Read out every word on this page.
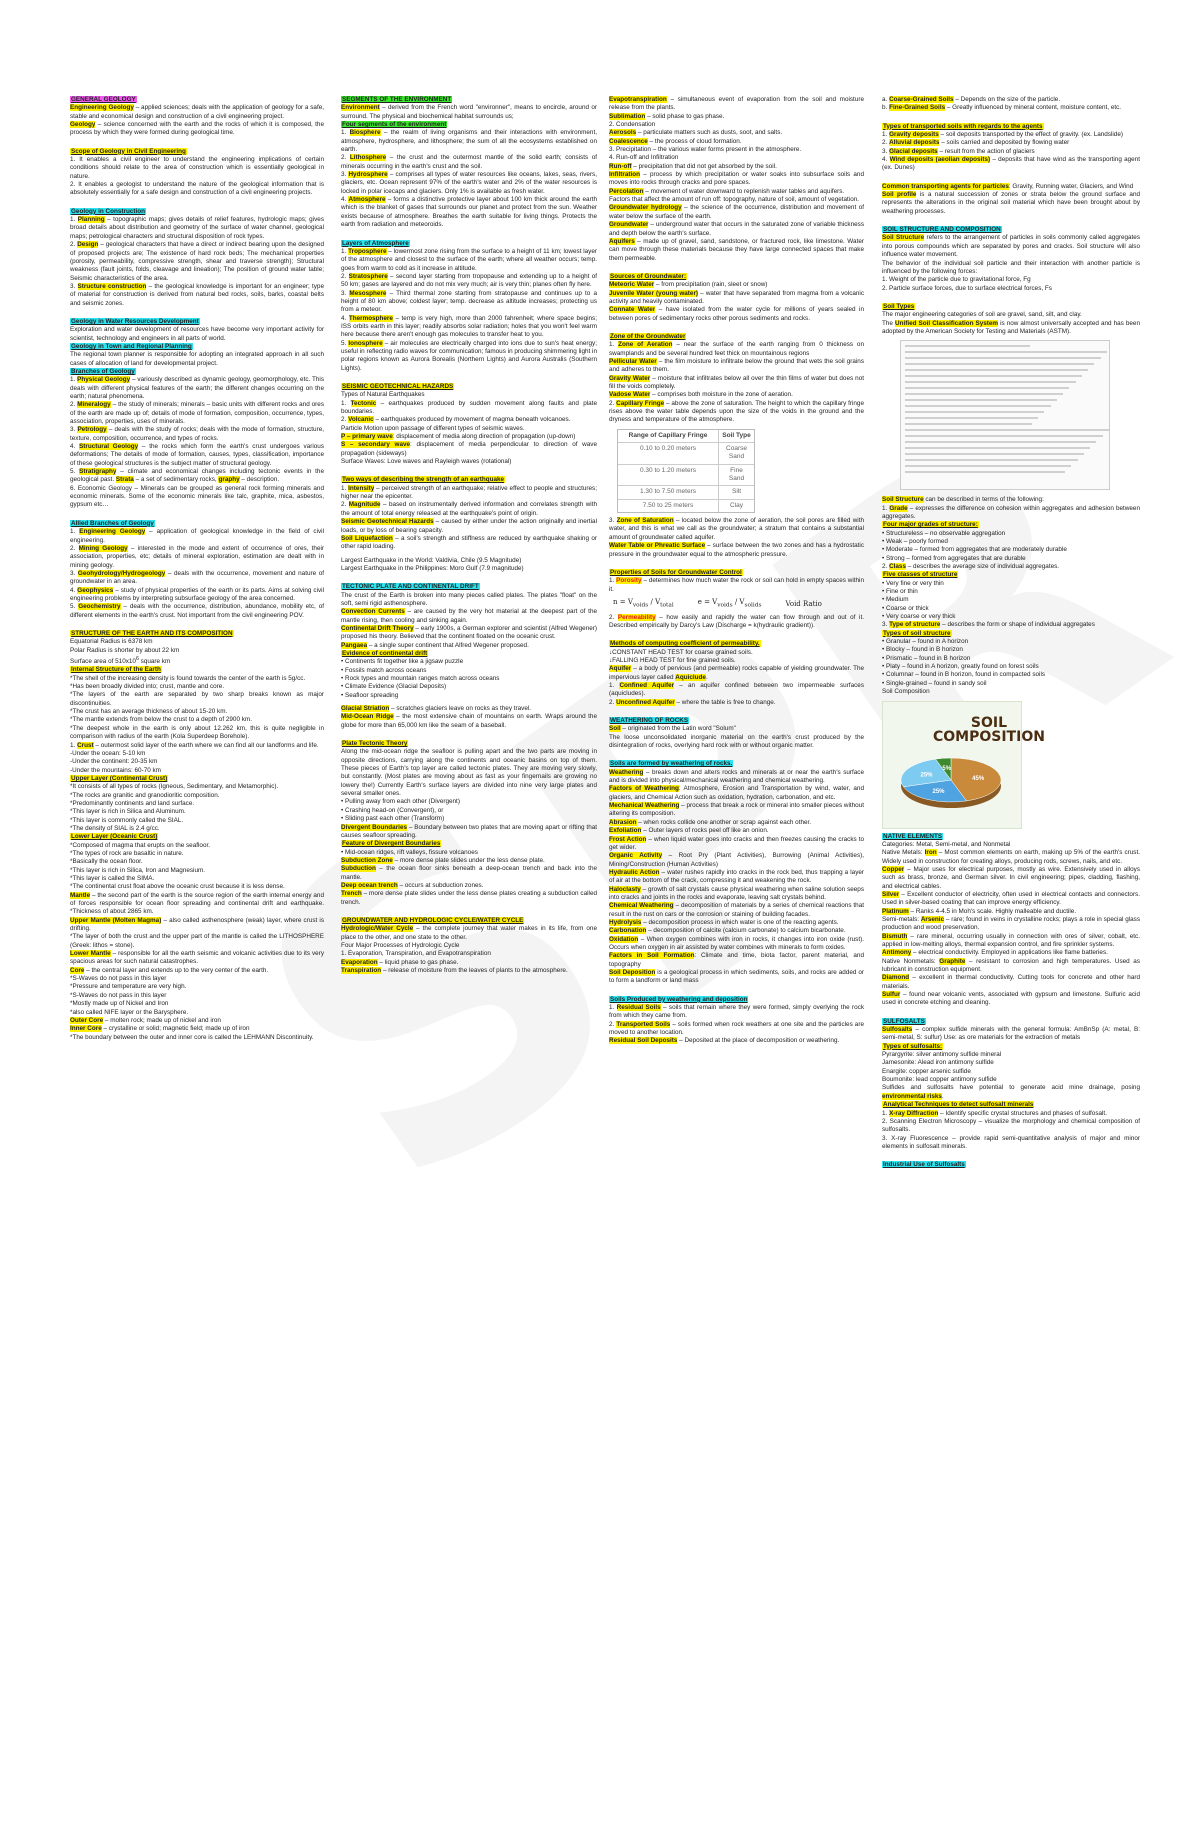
GENERAL GEOLOGY

Engineering Geology – applied sciences; deals with the application of geology for a safe, stable and economical design and construction of a civil engineering project.

Geology – science concerned with the earth and the rocks of which it is composed, the process by which they were formed during geological time.

Scope of Geology in Civil Engineering

1. It enables a civil engineer to understand the engineering implications of certain conditions should relate to the area of construction which is essentially geological in nature.

2. It enables a geologist to understand the nature of the geological information that is absolutely essentially for a safe design and construction of a civil engineering projects.

Geology in Construction

1. Planning – topographic maps; gives details of relief features, hydrologic maps; gives broad details about distribution and geometry of the surface of water channel, geological maps; petrological characters and structural disposition of rock types.

2. Design – geological characters that have a direct or indirect bearing upon the designed of proposed projects are; The existence of hard rock beds; The mechanical properties (porosity, permeability, compressive strength, shear and traverse strength); Structural weakness (fault joints, folds, cleavage and lineation); The position of ground water table; Seismic characteristics of the area.

3. Structure construction – the geological knowledge is important for an engineer; type of material for construction is derived from natural bed rocks, soils, barks, coastal belts and seismic zones.

Geology in Water Resources Development

Exploration and water development of resources have become very important activity for scientist, technology and engineers in all parts of world.

Geology in Town and Regional Planning

The regional town planner is responsible for adopting an integrated approach in all such cases of allocation of land for developmental project.

Branches of Geology

1. Physical Geology – variously described as dynamic geology, geomorphology, etc. This deals with different physical features of the earth; the different changes occurring on the earth; natural phenomena.

2. Mineralogy – the study of minerals; minerals – basic units with different rocks and ores of the earth are made up of; details of mode of formation, composition, occurrence, types, association, properties, uses of minerals.

3. Petrology – deals with the study of rocks; deals with the mode of formation, structure, texture, composition, occurrence, and types of rocks.

4. Structural Geology – the rocks which form the earth's crust undergoes various deformations; The details of mode of formation, causes, types, classification, importance of these geological structures is the subject matter of structural geology.

5. Stratigraphy – climate and economical changes including tectonic events in the geological past. Strata – a set of sedimentary rocks, graphy – description.

6. Economic Geology – Minerals can be grouped as general rock forming minerals and economic minerals. Some of the economic minerals like talc, graphite, mica, asbestos, gypsum etc…

Allied Branches of Geology

1. Engineering Geology – application of geological knowledge in the field of civil engineering.

2. Mining Geology – interested in the mode and extent of occurrence of ores, their association, properties, etc; details of mineral exploration, estimation are dealt with in mining geology.

3. Geohydrology/Hydrogeology – deals with the occurrence, movement and nature of groundwater in an area.

4. Geophysics – study of physical properties of the earth or its parts. Aims at solving civil engineering problems by interpreting subsurface geology of the area concerned.

5. Geochemistry – deals with the occurrence, distribution, abundance, mobility etc, of different elements in the earth's crust. Not important from the civil engineering POV.

STRUCTURE OF THE EARTH AND ITS COMPOSITION

Equatorial Radius is 6378 km

Polar Radius is shorter by about 22 km

Surface area of $510x10^6$ square km

Internal Structure of the Earth

*The shell of the increasing density is found towards the center of the earth is 5g/cc.

*Has been broadly divided into; crust, mantle and core.

*The layers of the earth are separated by two sharp breaks known as major discontinuities.

*The crust has an average thickness of about 15-20 km.

*The mantle extends from below the crust to a depth of 2900 km.

*The deepest whole in the earth is only about 12.262 km, this is quite negligible in comparison with radius of the earth (Kola Superdeep Borehole).

1. Crust – outermost solid layer of the earth where we can find all our landforms and life.

-Under the ocean: 5-10 km

-Under the continent: 20-35 km

-Under the mountains: 60-70 km

Upper Layer (Continental Crust)

*It consists of all types of rocks (Igneous, Sedimentary, and Metamorphic).

*The rocks are granitic and granodioritic composition.

*Predominantly continents and land surface.

*This layer is rich in Silica and Aluminum.

*This layer is commonly called the SIAL.

*The density of SIAL is 2.4 g/cc.

Lower Layer (Oceanic Crust)

*Composed of magma that erupts on the seafloor.

*The types of rock are basaltic in nature.

*Basically the ocean floor.

*This layer is rich in Silica, Iron and Magnesium.

*This layer is called the SIMA.

*The continental crust float above the oceanic crust because it is less dense.

Mantle – the second part of the earth is the source region of the earth internal energy and of forces responsible for ocean floor spreading and continental drift and earthquake. *Thickness of about 2865 km.

Upper Mantle (Molten Magma) – also called asthenosphere (weak) layer, where crust is drifting.

*The layer of both the crust and the upper part of the mantle is called the LITHOSPHERE (Greek: lithos = stone).

Lower Mantle – responsible for all the earth seismic and volcanic activities due to its very spacious areas for such natural catastrophes.

Core – the central layer and extends up to the very center of the earth.

*S-Waves do not pass in this layer

*Pressure and temperature are very high.

*S-Waves do not pass in this layer

*Mostly made up of Nickel and Iron

*also called NIFE layer or the Barysphere.

Outer Core – molten rock; made up of nickel and iron

Inner Core – crystalline or solid; magnetic field; made up of iron

*The boundary between the outer and inner core is called the LEHMANN Discontinuity.

SEGMENTS OF THE ENVIRONMENT

Environment – derived from the French word "environner", means to encircle, around or surround. The physical and biochemical habitat surrounds us;

Four segments of the environment

1. Biosphere – the realm of living organisms and their interactions with environment, atmosphere, hydrosphere, and lithosphere; the sum of all the ecosystems established on earth.

2. Lithosphere – the crust and the outermost mantle of the solid earth; consists of minerals occurring in the earth's crust and the soil.

3. Hydrosphere – comprises all types of water resources like oceans, lakes, seas, rivers, glaciers, etc. Ocean represent 97% of the earth's water and 2% of the water resources is locked in polar icecaps and glaciers. Only 1% is available as fresh water.

4. Atmosphere – forms a distinctive protective layer about 100 km thick around the earth which is the blanket of gases that surrounds our planet and protect from the sun. Weather exists because of atmosphere. Breathes the earth suitable for living things. Protects the earth from radiation and meteoroids.

Layers of Atmosphere

1. Troposphere – lowermost zone rising from the surface to a height of 11 km; lowest layer of the atmosphere and closest to the surface of the earth; where all weather occurs; temp. goes from warm to cold as it increase in altitude.

2. Stratosphere – second layer starting from tropopause and extending up to a height of 50 km; gases are layered and do not mix very much; air is very thin; planes often fly here.

3. Mesosphere – Third thermal zone starting from stratopause and continues up to a height of 80 km above; coldest layer; temp. decrease as altitude increases; protecting us from a meteor.

4. Thermosphere – temp is very high, more than 2000 fahrenheit; where space begins; ISS orbits earth in this layer; readily absorbs solar radiation; holes that you won't feel warm here because there aren't enough gas molecules to transfer heat to you.

5. Ionosphere – air molecules are electrically charged into ions due to sun's heat energy; useful in reflecting radio waves for communication; famous in producing shimmering light in polar regions known as Aurora Borealis (Northern Lights) and Aurora Australis (Southern Lights).

SEISMIC GEOTECHNICAL HAZARDS

Types of Natural Earthquakes

1. Tectonic – earthquakes produced by sudden movement along faults and plate boundaries.

2. Volcanic – earthquakes produced by movement of magma beneath volcanoes.

Particle Motion upon passage of different types of seismic waves.

P – primary wave: displacement of media along direction of propagation (up-down)

S – secondary wave: displacement of media perpendicular to direction of wave propagation (sideways)

Surface Waves: Love waves and Rayleigh waves (rotational)

Two ways of describing the strength of an earthquake

1. Intensity – perceived strength of an earthquake; relative effect to people and structures; higher near the epicenter.

2. Magnitude – based on instrumentally derived information and correlates strength with the amount of total energy released at the earthquake's point of origin.

Seismic Geotechnical Hazards – caused by either under the action originally and inertial loads, or by loss of bearing capacity.

Soil Liquefaction – a soil's strength and stiffness are reduced by earthquake shaking or other rapid loading.

Largest Earthquake in the World: Valdivia, Chile (9.5 Magnitude)

Largest Earthquake in the Philippines: Moro Gulf (7.9 magnitude)

TECTONIC PLATE AND CONTINENTAL DRIFT

The crust of the Earth is broken into many pieces called plates. The plates "float" on the soft, semi rigid asthenosphere.

Convection Currents – are caused by the very hot material at the deepest part of the mantle rising, then cooling and sinking again.

Continental Drift Theory – early 1900s, a German explorer and scientist (Alfred Wegener) proposed his theory. Believed that the continent floated on the oceanic crust.

Pangaea – a single super continent that Alfred Wegener proposed.

Evidence of continental drift

• Continents fit together like a jigsaw puzzle

• Fossils match across oceans

• Rock types and mountain ranges match across oceans

• Climate Evidence (Glacial Deposits)

• Seafloor spreading

Glacial Striation – scratches glaciers leave on rocks as they travel.

Mid-Ocean Ridge – the most extensive chain of mountains on earth. Wraps around the globe for more than 65,000 km like the seam of a baseball.

Plate Tectonic Theory

Along the mid-ocean ridge the seafloor is pulling apart and the two parts are moving in opposite directions, carrying along the continents and oceanic basins on top of them. These pieces of Earth's top layer are called tectonic plates. They are moving very slowly, but constantly. (Most plates are moving about as fast as your fingernails are growing no lowery the!) Currently Earth's surface layers are divided into nine very large plates and several smaller ones.

• Pulling away from each other (Divergent)

• Crashing head-on (Convergent), or

• Sliding past each other (Transform)

Divergent Boundaries – Boundary between two plates that are moving apart or rifting that causes seafloor spreading.

Feature of Divergent Boundaries

• Mid-ocean ridges, rift valleys, fissure volcanoes

Subduction Zone – more dense plate slides under the less dense plate.

Subduction – the ocean floor sinks beneath a deep-ocean trench and back into the mantle.

Deep ocean trench – occurs at subduction zones.

Trench – more dense plate slides under the less dense plates creating a subduction called trench.

GROUNDWATER AND HYDROLOGIC CYCLE/WATER CYCLE

Hydrologic/Water Cycle – the complete journey that water makes in its life, from one place to the other, and one state to the other.

Four Major Processes of Hydrologic Cycle

1. Evaporation, Transpiration, and Evapotranspiration

Evaporation – liquid phase to gas phase.

Transpiration – release of moisture from the leaves of plants to the atmosphere.

Evapotranspiration – simultaneous event of evaporation from the soil and moisture release from the plants.

Sublimation – solid phase to gas phase.

2. Condensation

Aerosols – particulate matters such as dusts, soot, and salts.

Coalescence – the process of cloud formation.

3. Precipitation – the various water forms present in the atmosphere.

4. Run-off and Infiltration

Run-off – precipitation that did not get absorbed by the soil.

Infiltration – process by which precipitation or water soaks into subsurface soils and moves into rocks through cracks and pore spaces.

Percolation – movement of water downward to replenish water tables and aquifers.

Factors that affect the amount of run off: topography, nature of soil, amount of vegetation.

Groundwater hydrology – the science of the occurrence, distribution and movement of water below the surface of the earth.

Groundwater – underground water that occurs in the saturated zone of variable thickness and depth below the earth's surface.

Aquifers – made up of gravel, sand, sandstone, or fractured rock, like limestone. Water can move through these materials because they have large connected spaces that make them permeable.

Sources of Groundwater:

Meteoric Water – from precipitation (rain, sleet or snow)

Juvenile Water (young water) – water that have separated from magma from a volcanic activity and heavily contaminated.

Connate Water – have isolated from the water cycle for millions of years sealed in between pores of sedimentary rocks other porous sediments and rocks.

Zone of the Groundwater

1. Zone of Aeration – near the surface of the earth ranging from 0 thickness on swamplands and be several hundred feet thick on mountainous regions

Pellicular Water – the film moisture to infiltrate below the ground that wets the soil grains and adheres to them.

Gravity Water – moisture that infiltrates below all over the thin films of water but does not fill the voids completely.

Vadose Water – comprises both moisture in the zone of aeration.

2. Capillary Fringe – above the zone of saturation. The height to which the capillary fringe rises above the water table depends upon the size of the voids in the ground and the dryness and temperature of the atmosphere.

Range of Capillary Fringe	Soil Type
0.10 to 0.20 meters	Coarse Sand
0.30 to 1.20 meters	Fine Sand
1.30 to 7.50 meters	Silt
7.50 to 25 meters	Clay

3. Zone of Saturation – located below the zone of aeration, the soil pores are filled with water, and this is what we call as the groundwater; a stratum that contains a substantial amount of groundwater called aquifer.

Water Table or Phreatic Surface – surface between the two zones and has a hydrostatic pressure in the groundwater equal to the atmospheric pressure.

Properties of Soils for Groundwater Control

1. Porosity – determines how much water the rock or soil can hold in empty spaces within it.

$n = V_{voids} / V_{total}$	$e = V_{voids} / V_{solids}$	Void Ratio

2. Permeability – how easily and rapidly the water can flow through and out of it. Described empirically by Darcy's Law (Discharge = k(hydraulic gradient)).

Methods of computing coefficient of permeability.

↓CONSTANT HEAD TEST for coarse grained soils.

↓FALLING HEAD TEST for fine grained soils.

Aquifer – a body of pervious (and permeable) rocks capable of yielding groundwater. The impervious layer called Aquiclude.

1. Confined Aquifer – an aquifer confined between two impermeable surfaces (aquicludes).

2. Unconfined Aquifer – where the table is free to change.

WEATHERING OF ROCKS

Soil – originated from the Latin word "Solum"

The loose unconsolidated inorganic material on the earth's crust produced by the disintegration of rocks, overlying hard rock with or without organic matter.

Soils are formed by weathering of rocks.

Weathering – breaks down and alters rocks and minerals at or near the earth's surface and is divided into physical/mechanical weathering and chemical weathering.

Factors of Weathering: Atmosphere, Erosion and Transportation by wind, water, and glaciers, and Chemical Action such as oxidation, hydration, carbonation, and etc.

Mechanical Weathering – process that break a rock or mineral into smaller pieces without altering its composition.

Abrasion – when rocks collide one another or scrap against each other.

Exfoliation – Outer layers of rocks peel off like an onion.

Frost Action – when liquid water goes into cracks and then freezes causing the cracks to get wider.

Organic Activity – Root Pry (Plant Activities), Burrowing (Animal Activities), Mining/Construction (Human Activities)

Hydraulic Action – water rushes rapidly into cracks in the rock bed, thus trapping a layer of air at the bottom of the crack, compressing it and weakening the rock.

Haloclasty – growth of salt crystals cause physical weathering when saline solution seeps into cracks and joints in the rocks and evaporate, leaving salt crystals behind.

Chemical Weathering – decomposition of materials by a series of chemical reactions that result in the rust on cars or the corrosion or staining of building facades.

Hydrolysis – decomposition process in which water is one of the reacting agents.

Carbonation – decomposition of calcite (calcium carbonate) to calcium bicarbonate.

Oxidation – When oxygen combines with iron in rocks, it changes into iron oxide (rust). Occurs when oxygen in air assisted by water combines with minerals to form oxides.

Factors in Soil Formation: Climate and time, biota factor, parent material, and topography

Soil Deposition is a geological process in which sediments, soils, and rocks are added or to form a landform or land mass

Soils Produced by weathering and deposition

1. Residual Soils – soils that remain where they were formed, simply overlying the rock from which they came from.

2. Transported Soils – soils formed when rock weathers at one site and the particles are moved to another location.

Residual Soil Deposits – Deposited at the place of decomposition or weathering.

a. Coarse-Grained Soils – Depends on the size of the particle.

b. Fine-Grained Soils – Greatly influenced by mineral content, moisture content, etc.

Types of transported soils with regards to the agents

1. Gravity deposits – soil deposits transported by the effect of gravity. (ex. Landslide)

2. Alluvial deposits – soils carried and deposited by flowing water

3. Glacial deposits – result from the action of glaciers

4. Wind deposits (aeolian deposits) – deposits that have wind as the transporting agent (ex. Dunes)

Common transporting agents for particles: Gravity, Running water, Glaciers, and Wind

Soil profile is a natural succession of zones or strata below the ground surface and represents the alterations in the original soil material which have been brought about by weathering processes.

SOIL STRUCTURE AND COMPOSITION

Soil Structure refers to the arrangement of particles in soils commonly called aggregates into porous compounds which are separated by pores and cracks. Soil structure will also influence water movement.

The behavior of the individual soil particle and their interaction with another particle is influenced by the following forces:

1. Weight of the particle due to gravitational force, Fg

2. Particle surface forces, due to surface electrical forces, Fs

Soil Types

The major engineering categories of soil are gravel, sand, silt, and clay.

The Unified Soil Classification System is now almost universally accepted and has been adopted by the American Society for Testing and Materials (ASTM).

Soil Structure can be described in terms of the following:

1. Grade – expresses the difference on cohesion within aggregates and adhesion between aggregates.

Four major grades of structure:

• Structureless – no observable aggregation

• Weak – poorly formed

• Moderate – formed from aggregates that are moderately durable

• Strong – formed from aggregates that are durable

2. Class – describes the average size of individual aggregates.

Five classes of structure

• Very fine or very thin

• Fine or thin

• Medium

• Coarse or thick

• Very coarse or very thick

3. Type of structure – describes the form or shape of individual aggregates

Types of soil structure

• Granular – found in A horizon

• Blocky – found in B horizon

• Prismatic – found in B horizon

• Platy – found in A horizon, greatly found on forest soils

• Columnar – found in B horizon, found in compacted soils

• Single-grained – found in sandy soil

Soil Composition

SOIL COMPOSITION
45%
25%
25%
5%
NATIVE ELEMENTS

Categories: Metal, Semi-metal, and Nonmetal

Native Metals: Iron – Most common elements on earth, making up 5% of the earth's crust. Widely used in construction for creating alloys, producing rods, screws, nails, and etc.

Copper – Major uses for electrical purposes, mostly as wire. Extensively used in alloys such as brass, bronze, and German silver. In civil engineering; pipes, cladding, flashing, and electrical cables.

Silver – Excellent conductor of electricity, often used in electrical contacts and connectors. Used in silver-based coating that can improve energy efficiency.

Platinum – Ranks 4-4.5 in Moh's scale. Highly malleable and ductile.

Semi-metals: Arsenic – rare; found in veins in crystalline rocks; plays a role in special glass production and wood preservation.

Bismuth – rare mineral, occurring usually in connection with ores of silver, cobalt, etc. applied in low-melting alloys, thermal expansion control, and fire sprinkler systems.

Antimony – electrical conductivity. Employed in applications like flame batteries.

Native Nonmetals: Graphite – resistant to corrosion and high temperatures. Used as lubricant in construction equipment.

Diamond – excellent in thermal conductivity. Cutting tools for concrete and other hard materials.

Sulfur – found near volcanic vents, associated with gypsum and limestone. Sulfuric acid used in concrete etching and cleaning.

SULFOSALTS

Sulfosalts – complex sulfide minerals with the general formula: AmBnSp (A: metal, B: semi-metal, S: sulfur) Use: as ore materials for the extraction of metals

Types of sulfosalts:

Pyrargyrite: silver antimony sulfide mineral

Jamesonite: Alead iron antimony sulfide

Enargite: copper arsenic sulfide

Boumonite: lead copper antimony sulfide

Sulfides and sulfosalts have potential to generate acid mine drainage, posing environmental risks.

Analytical Techniques to detect sulfosalt minerals

1. X-ray Diffraction – Identify specific crystal structures and phases of sulfosalt.

2. Scanning Electron Microscopy – visualize the morphology and chemical composition of sulfosalts.

3. X-ray Fluorescence – provide rapid semi-quantitative analysis of major and minor elements in sulfosalt minerals.

Industrial Use of Sulfosalts
